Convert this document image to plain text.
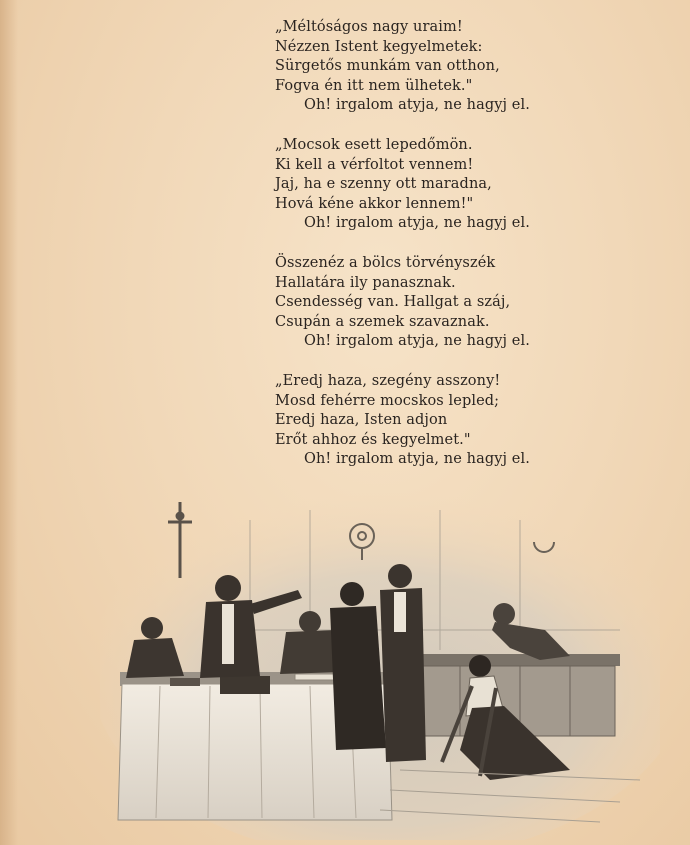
„Méltóságos nagy uraim!
Nézzen Istent kegyelmetek:
Sürgetős munkám van otthon,
Fogva én itt nem ülhetek."
Oh! irgalom atyja, ne hagyj el.
„Mocsok esett lepedőmön.
Ki kell a vérfoltot vennem!
Jaj, ha e szenny ott maradna,
Hová kéne akkor lennem!"
Oh! irgalom atyja, ne hagyj el.
Összenéz a bölcs törvényszék
Hallatára ily panasznak.
Csendesség van. Hallgat a száj,
Csupán a szemek szavaznak.
Oh! irgalom atyja, ne hagyj el.
„Eredj haza, szegény asszony!
Mosd fehérre mocskos lepled;
Eredj haza, Isten adjon
Erőt ahhoz és kegyelmet."
Oh! irgalom atyja, ne hagyj el.
